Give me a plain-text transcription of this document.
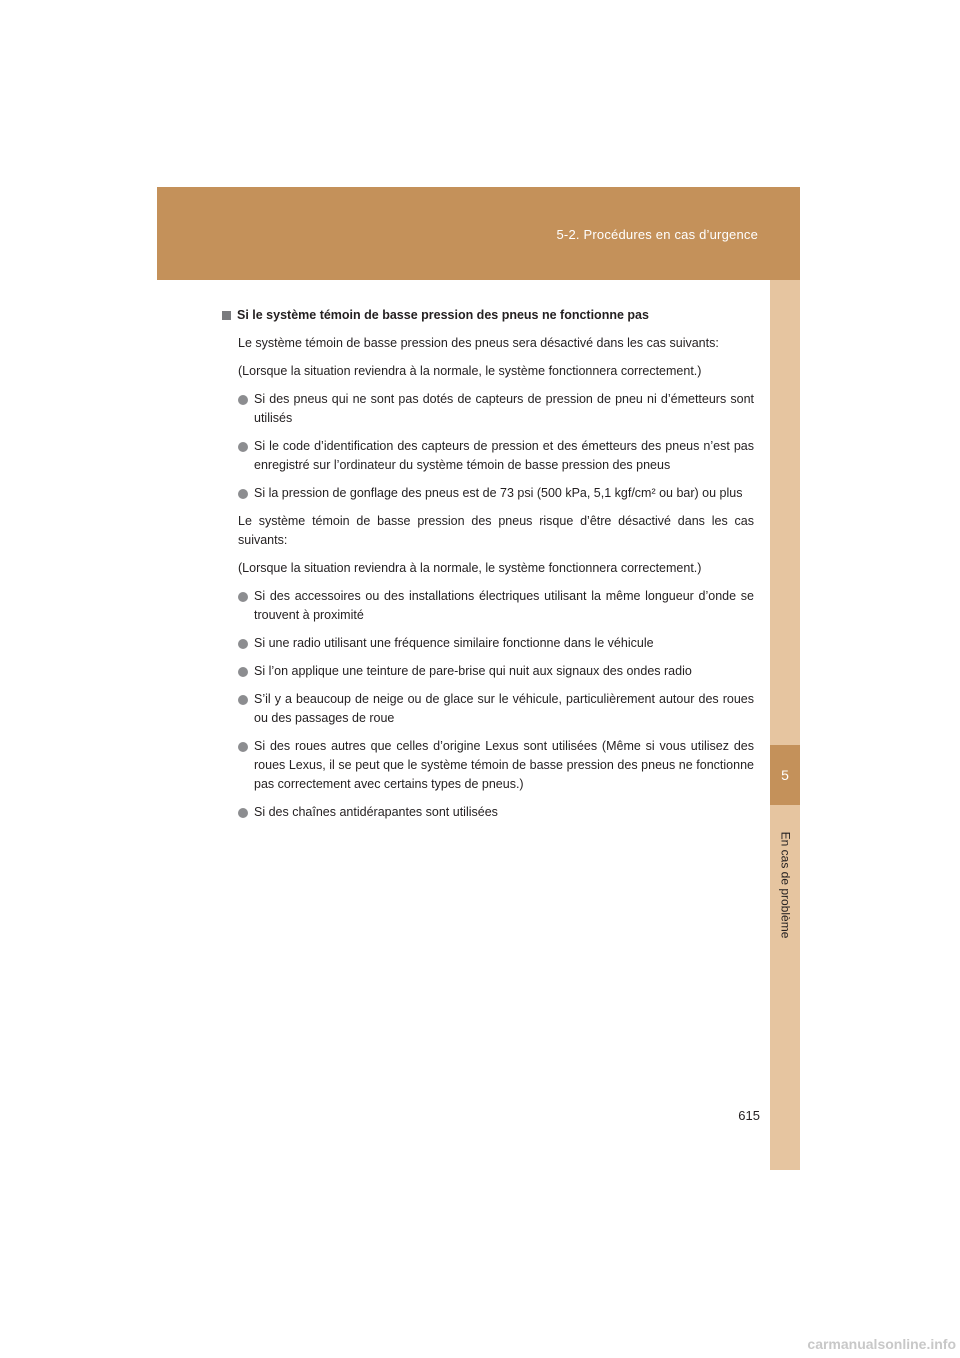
5-2. Procédures en cas d’urgence
5
En cas de problème
Si le système témoin de basse pression des pneus ne fonctionne pas

Le système témoin de basse pression des pneus sera désactivé dans les cas suivants:

(Lorsque la situation reviendra à la normale, le système fonctionnera correctement.)

Si des pneus qui ne sont pas dotés de capteurs de pression de pneu ni d’émetteurs sont utilisés
Si le code d’identification des capteurs de pression et des émetteurs des pneus n’est pas enregistré sur l’ordinateur du système témoin de basse pression des pneus
Si la pression de gonflage des pneus est de 73 psi (500 kPa, 5,1 kgf/cm² ou bar) ou plus

Le système témoin de basse pression des pneus risque d’être désactivé dans les cas suivants:

(Lorsque la situation reviendra à la normale, le système fonctionnera correctement.)

Si des accessoires ou des installations électriques utilisant la même longueur d’onde se trouvent à proximité
Si une radio utilisant une fréquence similaire fonctionne dans le véhicule
Si l’on applique une teinture de pare-brise qui nuit aux signaux des ondes radio
S’il y a beaucoup de neige ou de glace sur le véhicule, particulièrement autour des roues ou des passages de roue
Si des roues autres que celles d’origine Lexus sont utilisées (Même si vous utilisez des roues Lexus, il se peut que le système témoin de basse pression des pneus ne fonctionne pas correctement avec certains types de pneus.)
Si des chaînes antidérapantes sont utilisées
615
carmanualsonline.info
